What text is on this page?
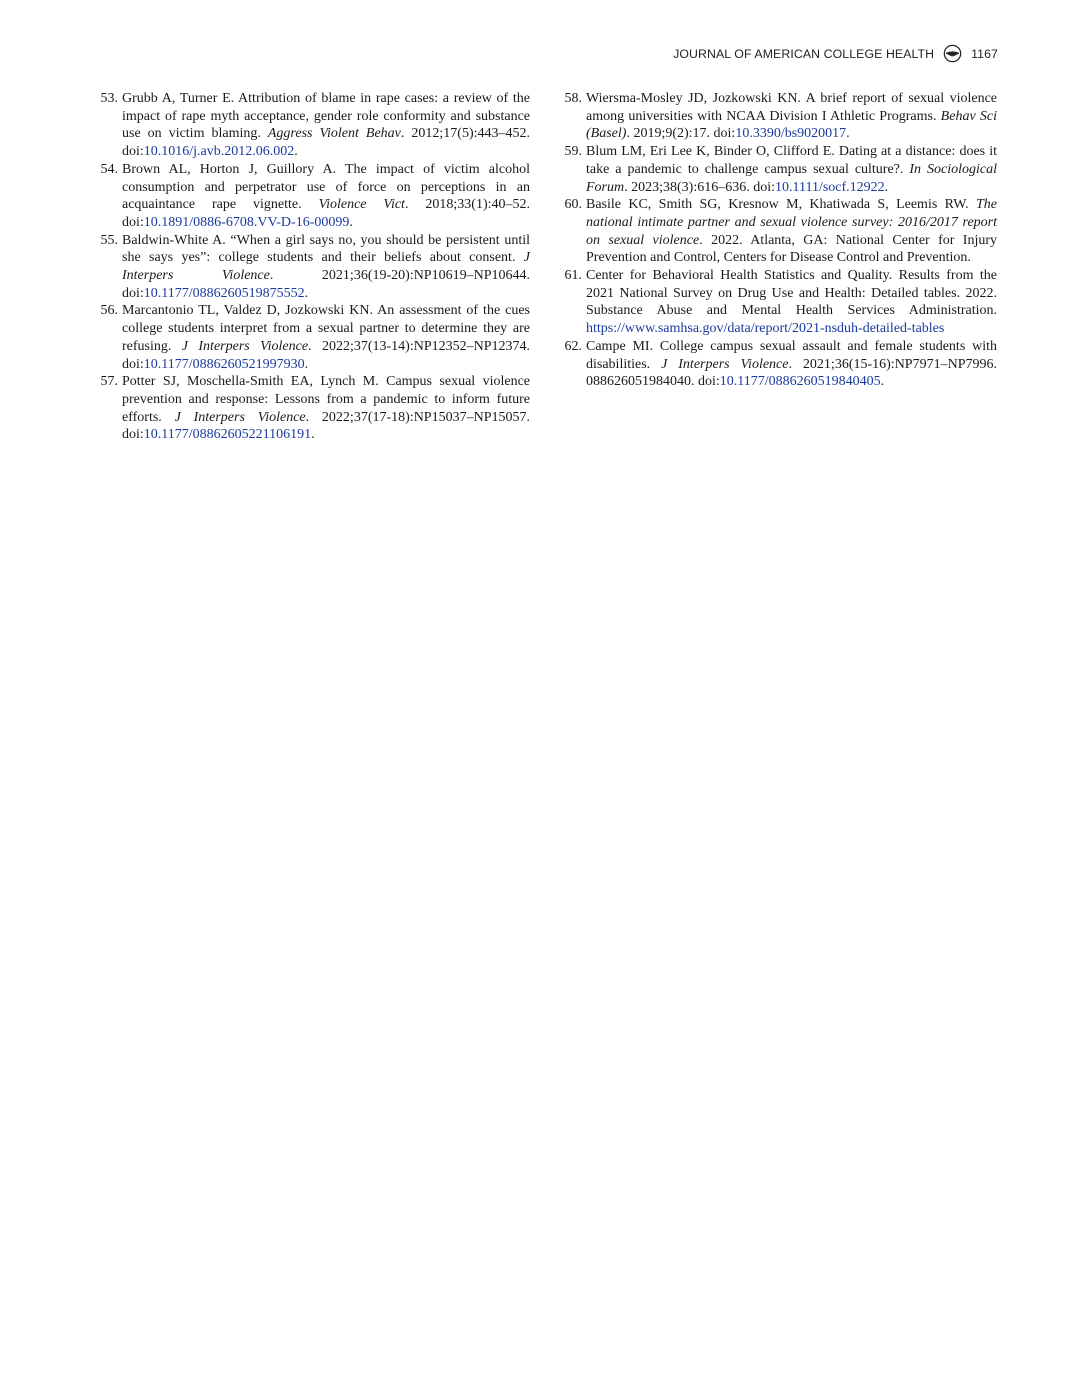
JOURNAL OF AMERICAN COLLEGE HEALTH	1167

53. Grubb A, Turner E. Attribution of blame in rape cases: a review of the impact of rape myth acceptance, gender role conformity and substance use on victim blaming. Aggress Violent Behav. 2012;17(5):443–452. doi:10.1016/j.avb.2012.06.002.

54. Brown AL, Horton J, Guillory A. The impact of victim alcohol consumption and perpetrator use of force on perceptions in an acquaintance rape vignette. Violence Vict. 2018;33(1):40–52. doi:10.1891/0886-6708.VV-D-16-00099.

55. Baldwin-White A. “When a girl says no, you should be persistent until she says yes”: college students and their beliefs about consent. J Interpers Violence. 2021;36(19-20):NP10619–NP10644. doi:10.1177/0886260519875552.

56. Marcantonio TL, Valdez D, Jozkowski KN. An assessment of the cues college students interpret from a sexual partner to determine they are refusing. J Interpers Violence. 2022;37(13-14):NP12352–NP12374. doi:10.1177/0886260521997930.

57. Potter SJ, Moschella-Smith EA, Lynch M. Campus sexual violence prevention and response: Lessons from a pandemic to inform future efforts. J Interpers Violence. 2022;37(17-18):NP15037–NP15057. doi:10.1177/08862605221106191.

58. Wiersma-Mosley JD, Jozkowski KN. A brief report of sexual violence among universities with NCAA Division I Athletic Programs. Behav Sci (Basel). 2019;9(2):17. doi:10.3390/bs9020017.

59. Blum LM, Eri Lee K, Binder O, Clifford E. Dating at a distance: does it take a pandemic to challenge campus sexual culture?. In Sociological Forum. 2023;38(3):616–636. doi:10.1111/socf.12922.

60. Basile KC, Smith SG, Kresnow M, Khatiwada S, Leemis RW. The national intimate partner and sexual violence survey: 2016/2017 report on sexual violence. 2022. Atlanta, GA: National Center for Injury Prevention and Control, Centers for Disease Control and Prevention.

61. Center for Behavioral Health Statistics and Quality. Results from the 2021 National Survey on Drug Use and Health: Detailed tables. 2022. Substance Abuse and Mental Health Services Administration. https://www.samhsa.gov/data/report/2021-nsduh-detailed-tables

62. Campe MI. College campus sexual assault and female students with disabilities. J Interpers Violence. 2021;36(15-16):NP7971–NP7996. 088626051984040. doi:10.1177/0886260519840405.
